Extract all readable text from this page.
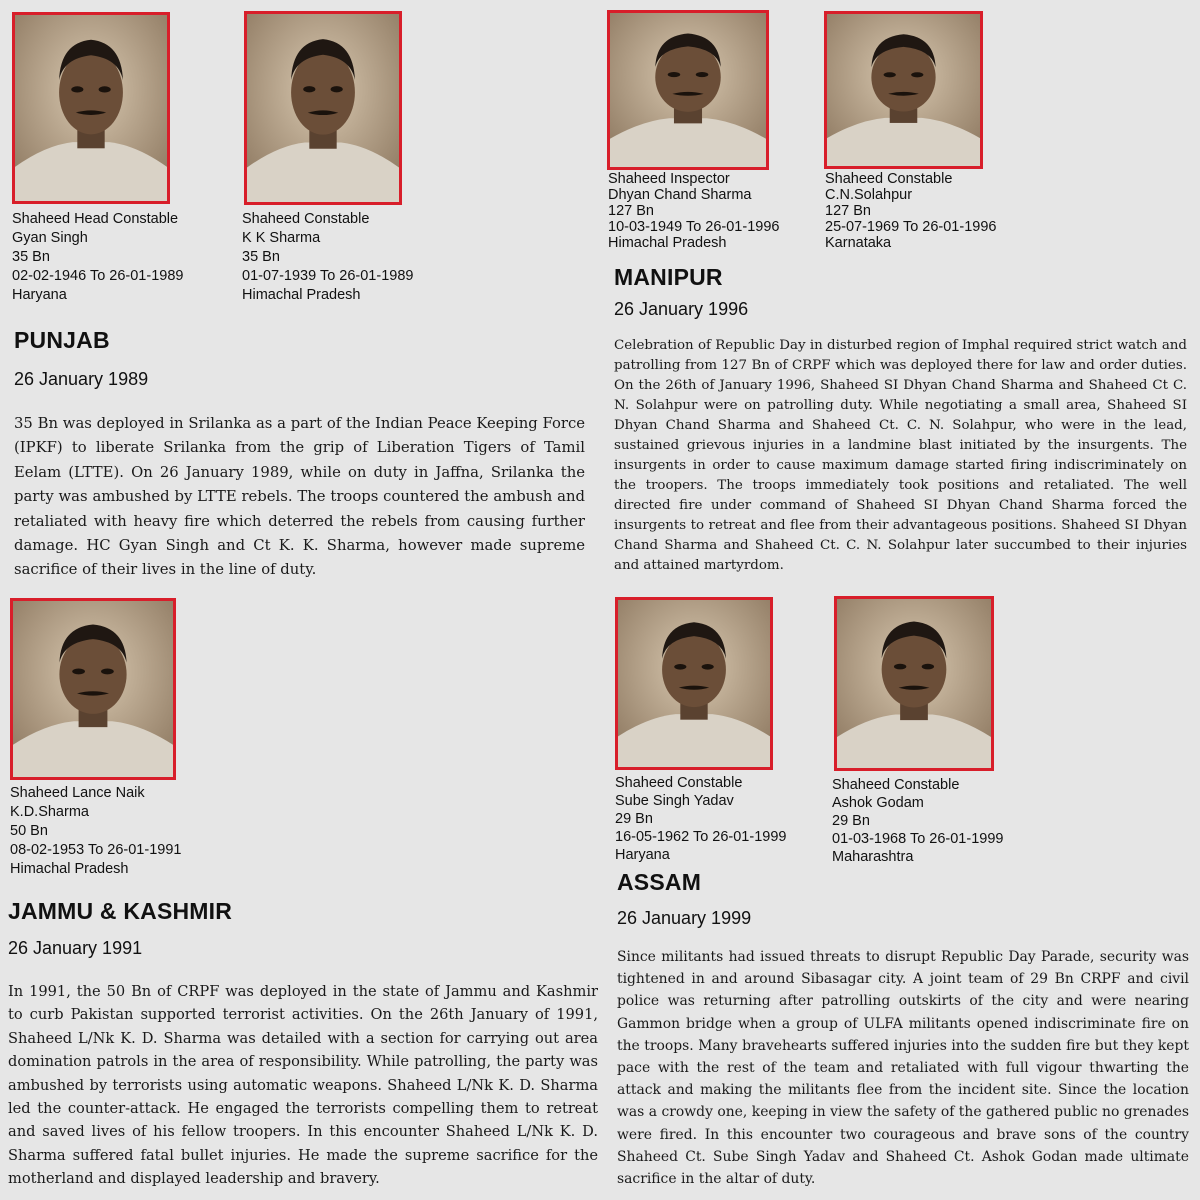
Shaheed Head Constable
Gyan Singh
35 Bn
02-02-1946 To 26-01-1989
Haryana
Shaheed Constable
K K Sharma
35 Bn
01-07-1939 To 26-01-1989
Himachal Pradesh
PUNJAB
26 January 1989

35 Bn was deployed in Srilanka as a part of the Indian Peace Keeping Force (IPKF) to liberate Srilanka from the grip of Liberation Tigers of Tamil Eelam (LTTE). On 26 January 1989, while on duty in Jaffna, Srilanka the party was ambushed by LTTE rebels. The troops countered the ambush and retaliated with heavy fire which deterred the rebels from causing further damage. HC Gyan Singh and Ct K. K. Sharma, however made supreme sacrifice of their lives in the line of duty.

Shaheed Inspector
Dhyan Chand Sharma
127 Bn
10-03-1949 To 26-01-1996
Himachal Pradesh
Shaheed Constable
C.N.Solahpur
127 Bn
25-07-1969 To 26-01-1996
Karnataka
MANIPUR
26 January 1996

Celebration of Republic Day in disturbed region of Imphal required strict watch and patrolling from 127 Bn of CRPF which was deployed there for law and order duties. On the 26th of January 1996, Shaheed SI Dhyan Chand Sharma and Shaheed Ct C. N. Solahpur were on patrolling duty. While negotiating a small area, Shaheed SI Dhyan Chand Sharma and Shaheed Ct. C. N. Solahpur, who were in the lead, sustained grievous injuries in a landmine blast initiated by the insurgents. The insurgents in order to cause maximum damage started firing indiscriminately on the troopers. The troops immediately took positions and retaliated. The well directed fire under command of Shaheed SI Dhyan Chand Sharma forced the insurgents to retreat and flee from their advantageous positions. Shaheed SI Dhyan Chand Sharma and Shaheed Ct. C. N. Solahpur later succumbed to their injuries and attained martyrdom.

Shaheed Lance Naik
K.D.Sharma
50 Bn
08-02-1953 To 26-01-1991
Himachal Pradesh
JAMMU & KASHMIR
26 January 1991

In 1991, the 50 Bn of CRPF was deployed in the state of Jammu and Kashmir to curb Pakistan supported terrorist activities. On the 26th January of 1991, Shaheed L/Nk K. D. Sharma was detailed with a section for carrying out area domination patrols in the area of responsibility. While patrolling, the party was ambushed by terrorists using automatic weapons. Shaheed L/Nk K. D. Sharma led the counter-attack. He engaged the terrorists compelling them to retreat and saved lives of his fellow troopers. In this encounter Shaheed L/Nk K. D. Sharma suffered fatal bullet injuries. He made the supreme sacrifice for the motherland and displayed leadership and bravery.

Shaheed Constable
Sube Singh Yadav
29 Bn
16-05-1962 To 26-01-1999
Haryana
Shaheed Constable
Ashok Godam
29 Bn
01-03-1968 To 26-01-1999
Maharashtra
ASSAM
26 January 1999

Since militants had issued threats to disrupt Republic Day Parade, security was tightened in and around Sibasagar city. A joint team of 29 Bn CRPF and civil police was returning after patrolling outskirts of the city and were nearing Gammon bridge when a group of ULFA militants opened indiscriminate fire on the troops. Many bravehearts suffered injuries into the sudden fire but they kept pace with the rest of the team and retaliated with full vigour thwarting the attack and making the militants flee from the incident site. Since the location was a crowdy one, keeping in view the safety of the gathered public no grenades were fired. In this encounter two courageous and brave sons of the country Shaheed Ct. Sube Singh Yadav and Shaheed Ct. Ashok Godan made ultimate sacrifice in the altar of duty.
